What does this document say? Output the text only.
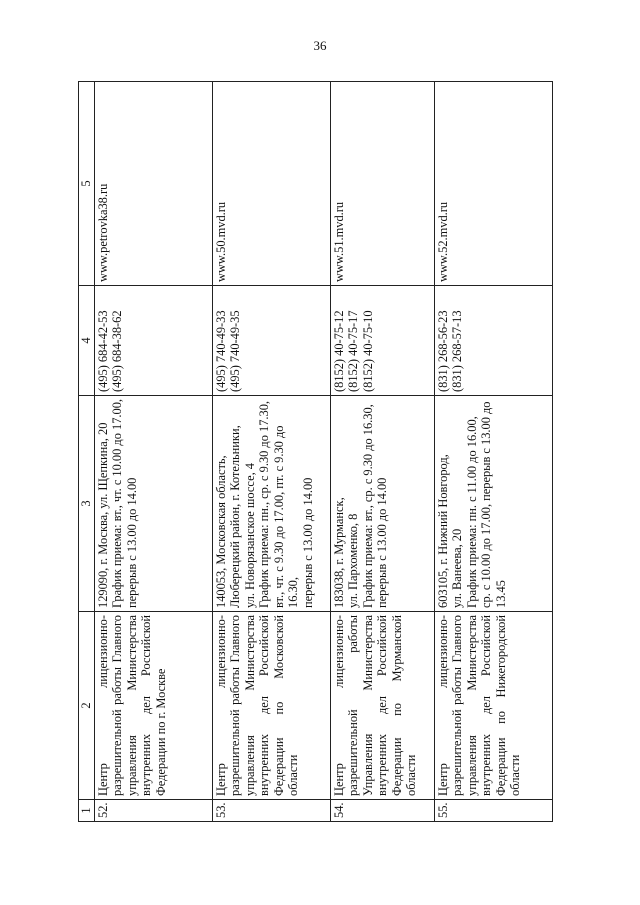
36
1	2	3	4	5
52.	Центр лицензионно-разрешительной работы Главного управления Министерства внутренних дел Российской Федерации по г. Москве	129090, г. Москва, ул. Щепкина, 20 График приема: вт., чт. с 10.00 до 17.00, перерыв с 13.00 до 14.00	(495) 684-42-53 (495) 684-38-62	www.petrovka38.ru
53.	Центр лицензионно-разрешительной работы Главного управления Министерства внутренних дел Российской Федерации по Московской области	140053, Московская область, Люберецкий район, г. Котельники, ул. Новорязанское шоссе, 4 График приема: пн., ср. с 9.30 до 17.30, вт., чт. с 9.30 до 17.00, пт. с 9.30 до 16.30, перерыв с 13.00 до 14.00	(495) 740-49-33 (495) 740-49-35	www.50.mvd.ru
54.	Центр лицензионно-разрешительной работы Управления Министерства внутренних дел Российской Федерации по Мурманской области	183038, г. Мурманск, ул. Пархоменко, 8 График приема: вт., ср. с 9.30 до 16.30, перерыв с 13.00 до 14.00	(8152) 40-75-12 (8152) 40-75-17 (8152) 40-75-10	www.51.mvd.ru
55.	Центр лицензионно-разрешительной работы Главного управления Министерства внутренних дел Российской Федерации по Нижегородской области	603105, г. Нижний Новгород, ул. Ванеева, 20 График приема: пн. с 11.00 до 16.00, ср. с 10.00 до 17.00, перерыв с 13.00 до 13.45	(831) 268-56-23 (831) 268-57-13	www.52.mvd.ru
